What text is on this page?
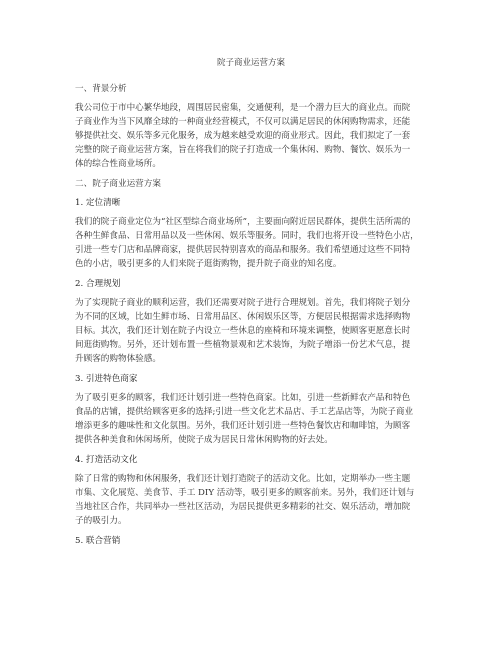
院子商业运营方案
一、背景分析
我公司位于市中心繁华地段，周围居民密集，交通便利，是一个潜力巨大的商业点。而院
子商业作为当下风靡全球的一种商业经营模式，不仅可以满足居民的休闲购物需求，还能
够提供社交、娱乐等多元化服务，成为越来越受欢迎的商业形式。因此，我们拟定了一套
完整的院子商业运营方案，旨在将我们的院子打造成一个集休闲、购物、餐饮、娱乐为一
体的综合性商业场所。
二、院子商业运营方案
1. 定位清晰
我们的院子商业定位为“社区型综合商业场所”，主要面向附近居民群体，提供生活所需的
各种生鲜食品、日常用品以及一些休闲、娱乐等服务。同时，我们也将开设一些特色小店，
引进一些专门店和品牌商家，提供居民特别喜欢的商品和服务。我们希望通过这些不同特
色的小店，吸引更多的人们来院子逛街购物，提升院子商业的知名度。
2. 合理规划
为了实现院子商业的顺利运营，我们还需要对院子进行合理规划。首先，我们将院子划分
为不同的区域，比如生鲜市场、日常用品区、休闲娱乐区等，方便居民根据需求选择购物
目标。其次，我们还计划在院子内设立一些休息的座椅和环境来调整，使顾客更愿意长时
间逛街购物。另外，还计划布置一些植物景观和艺术装饰，为院子增添一份艺术气息，提
升顾客的购物体验感。
3. 引进特色商家
为了吸引更多的顾客，我们还计划引进一些特色商家。比如，引进一些新鲜农产品和特色
食品的店铺，提供给顾客更多的选择;引进一些文化艺术品店、手工艺品店等，为院子商业
增添更多的趣味性和文化氛围。另外，我们还计划引进一些特色餐饮店和咖啡馆，为顾客
提供各种美食和休闲场所，使院子成为居民日常休闲购物的好去处。
4. 打造活动文化
除了日常的购物和休闲服务，我们还计划打造院子的活动文化。比如，定期举办一些主题
市集、文化展览、美食节、手工 DIY 活动等，吸引更多的顾客前来。另外，我们还计划与
当地社区合作，共同举办一些社区活动，为居民提供更多精彩的社交、娱乐活动，增加院
子的吸引力。
5. 联合营销
